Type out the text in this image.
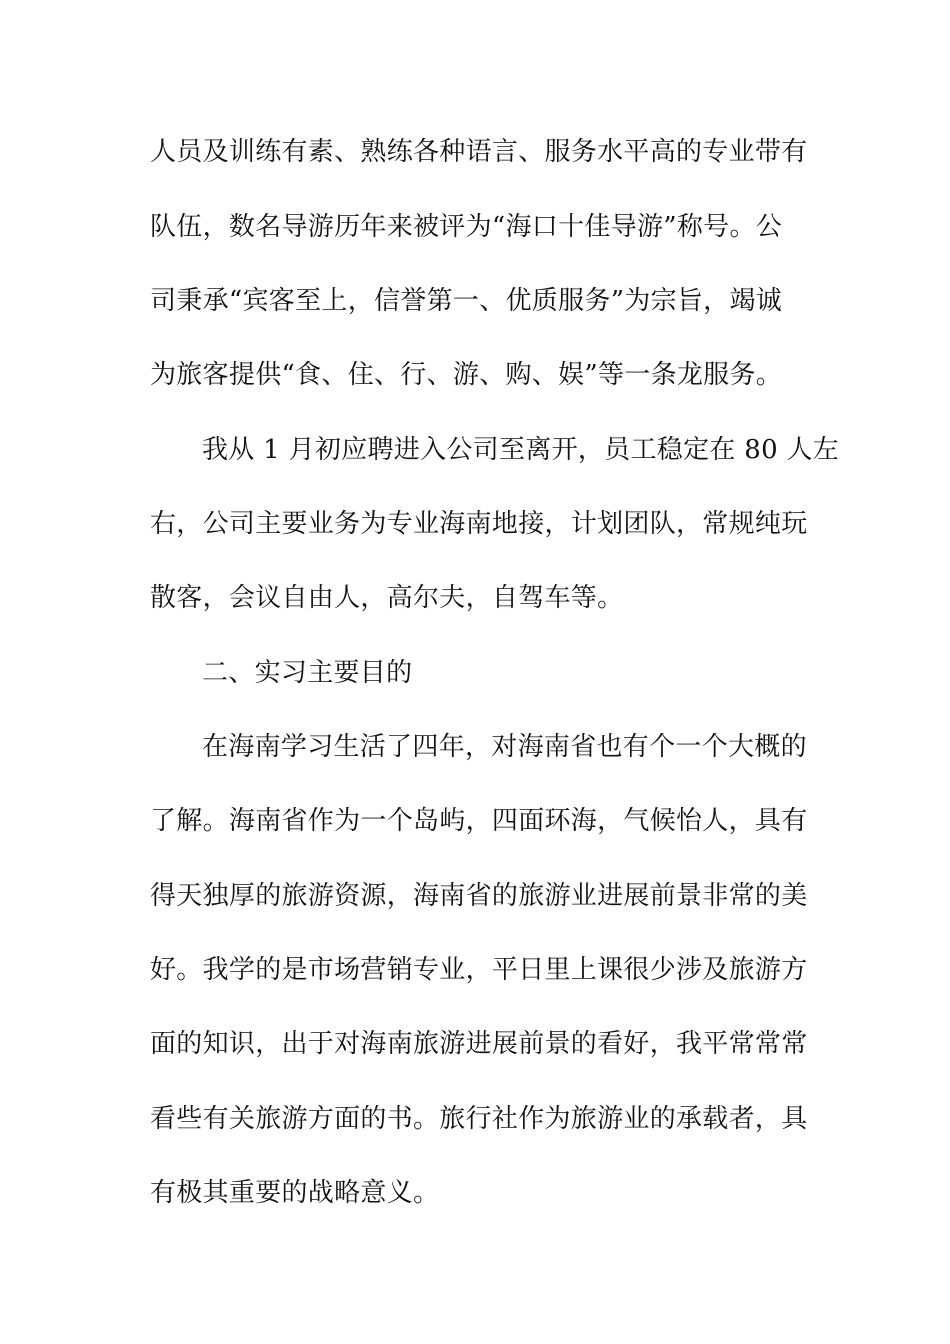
人员及训练有素、熟练各种语言、服务水平高的专业带有
队伍，数名导游历年来被评为“海口十佳导游”称号。公
司秉承“宾客至上，信誉第一、优质服务”为宗旨，竭诚
为旅客提供“食、住、行、游、购、娱”等一条龙服务。
我从 1 月初应聘进入公司至离开，员工稳定在 80 人左
右，公司主要业务为专业海南地接，计划团队，常规纯玩
散客，会议自由人，高尔夫，自驾车等。
二、实习主要目的
在海南学习生活了四年，对海南省也有个一个大概的
了解。海南省作为一个岛屿，四面环海，气候怡人，具有
得天独厚的旅游资源，海南省的旅游业进展前景非常的美
好。我学的是市场营销专业，平日里上课很少涉及旅游方
面的知识，出于对海南旅游进展前景的看好，我平常常常
看些有关旅游方面的书。旅行社作为旅游业的承载者，具
有极其重要的战略意义。
